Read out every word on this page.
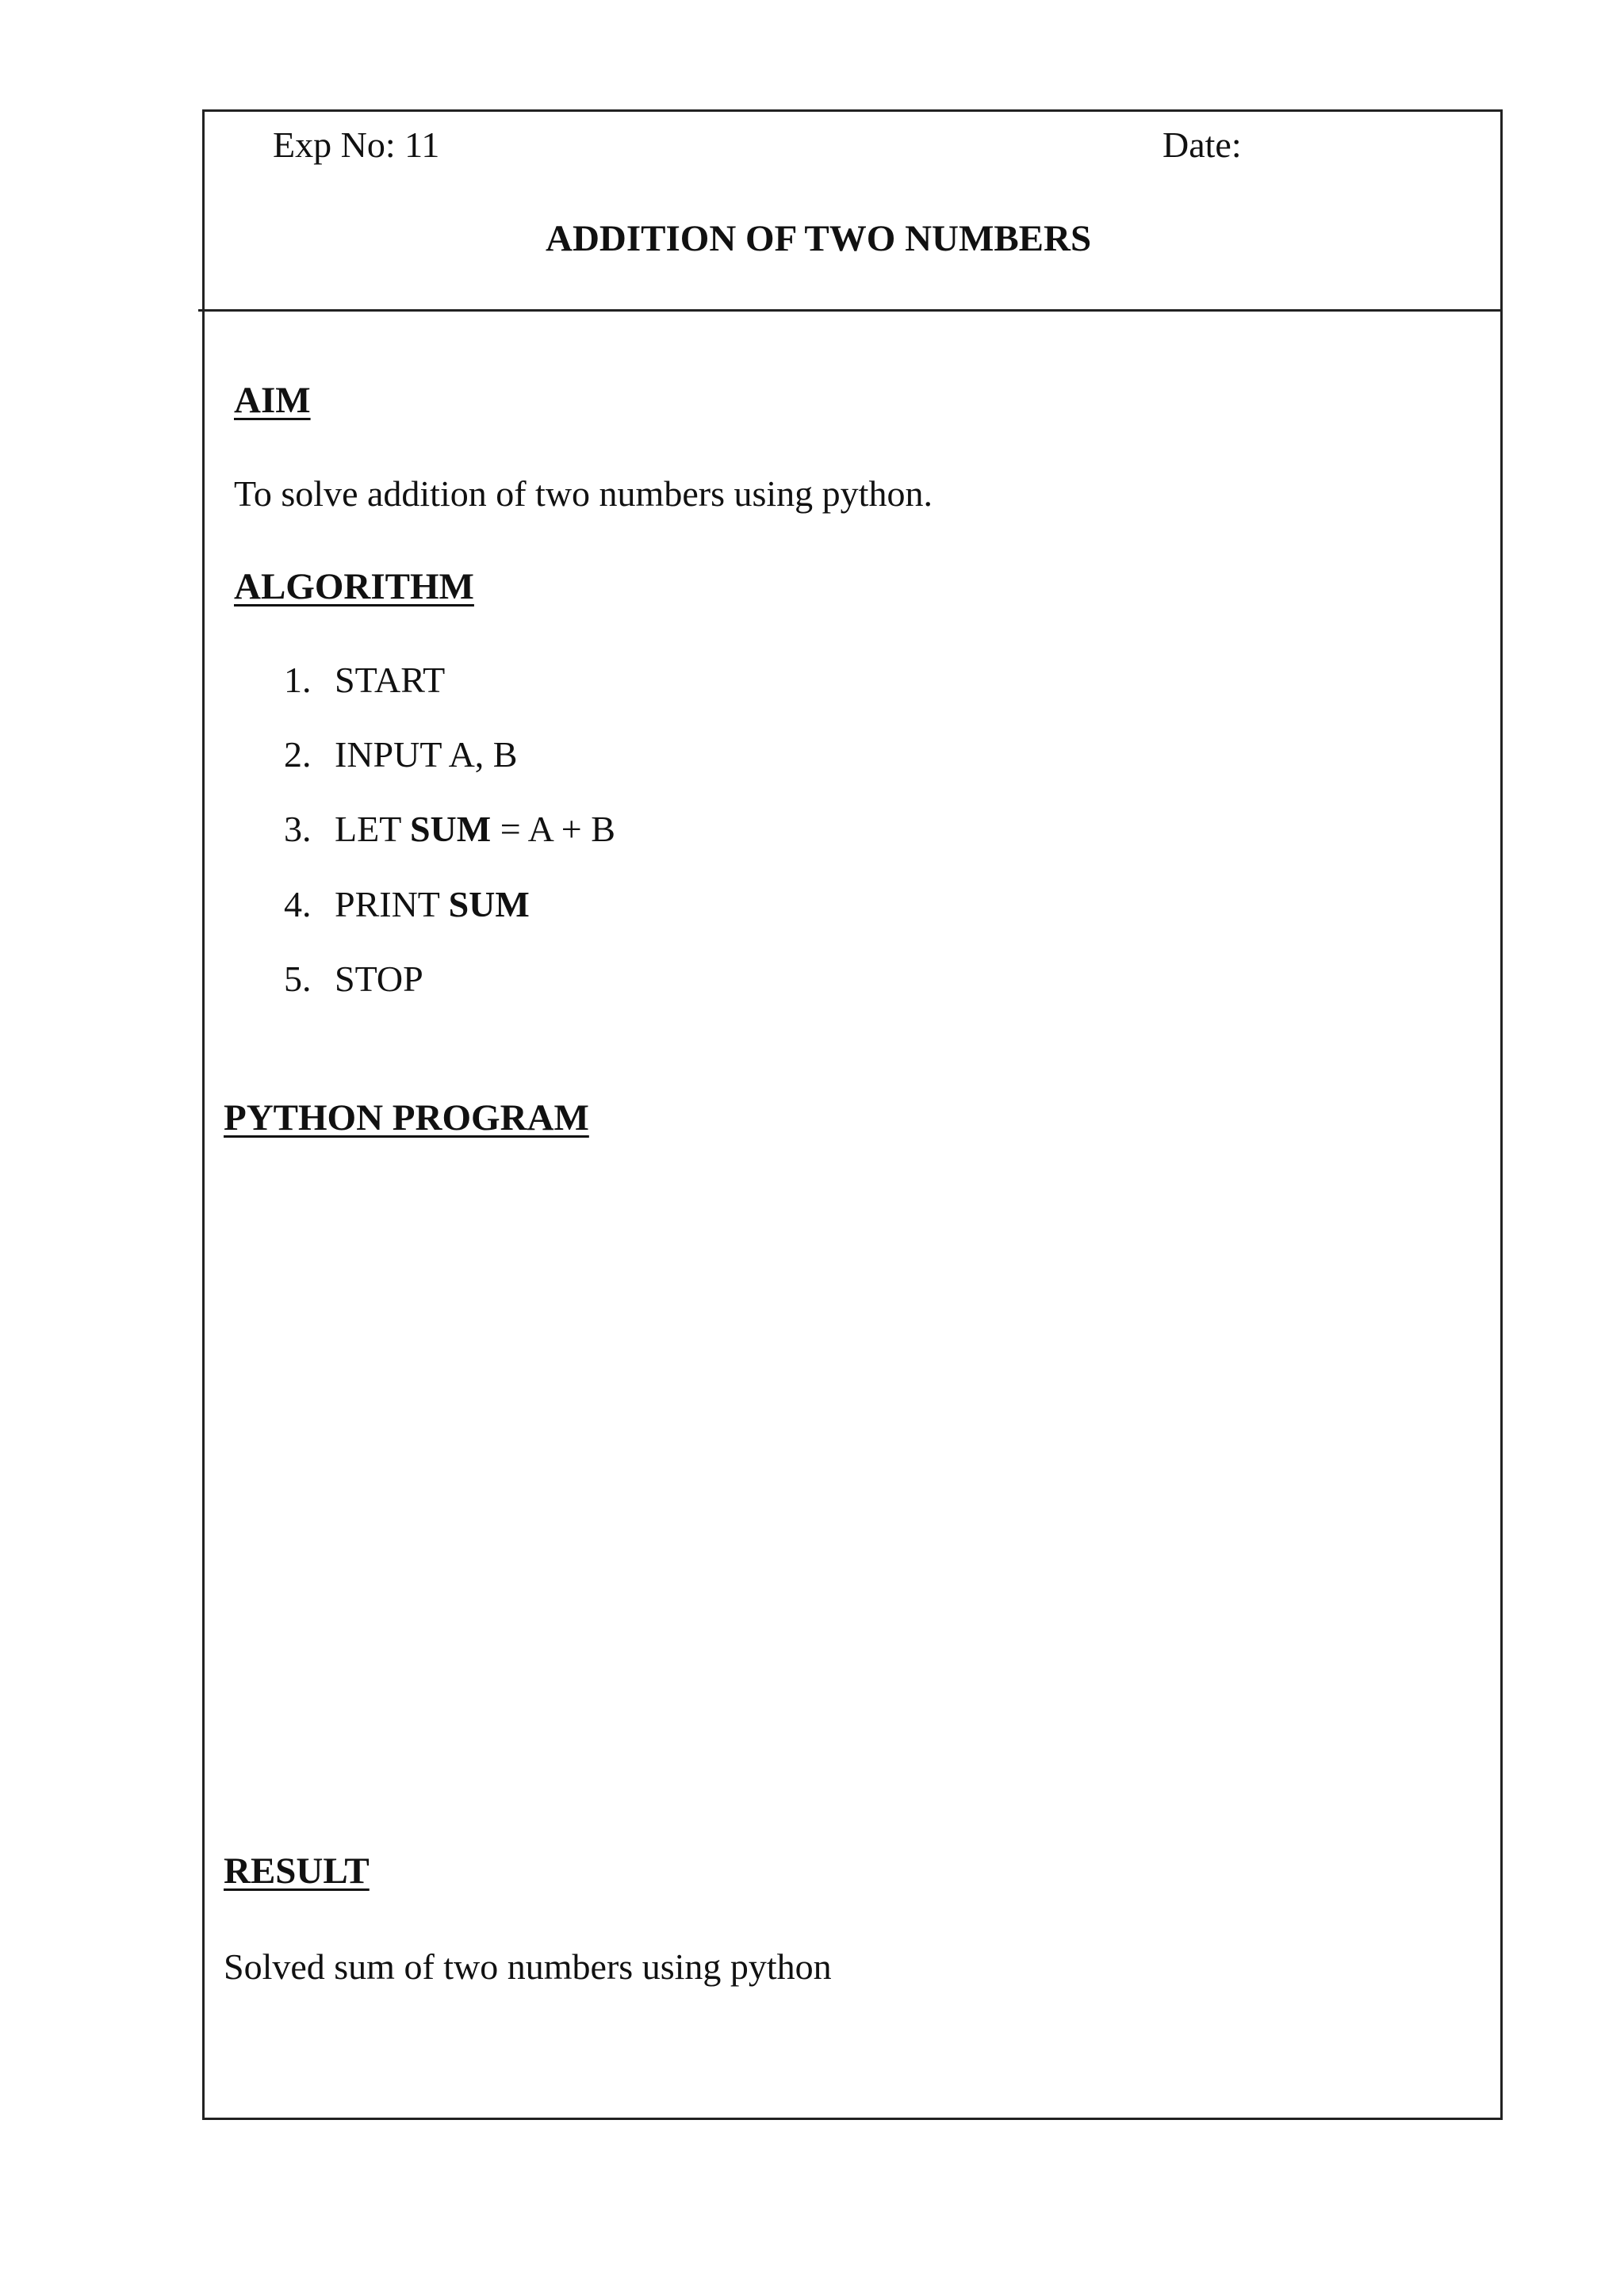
Exp No: 11	Date:
ADDITION OF TWO NUMBERS
AIM
To solve addition of two numbers using python.
ALGORITHM
1. START
2. INPUT A, B
3. LET SUM = A + B
4. PRINT SUM
5. STOP
PYTHON PROGRAM
RESULT
Solved sum of two numbers using python
